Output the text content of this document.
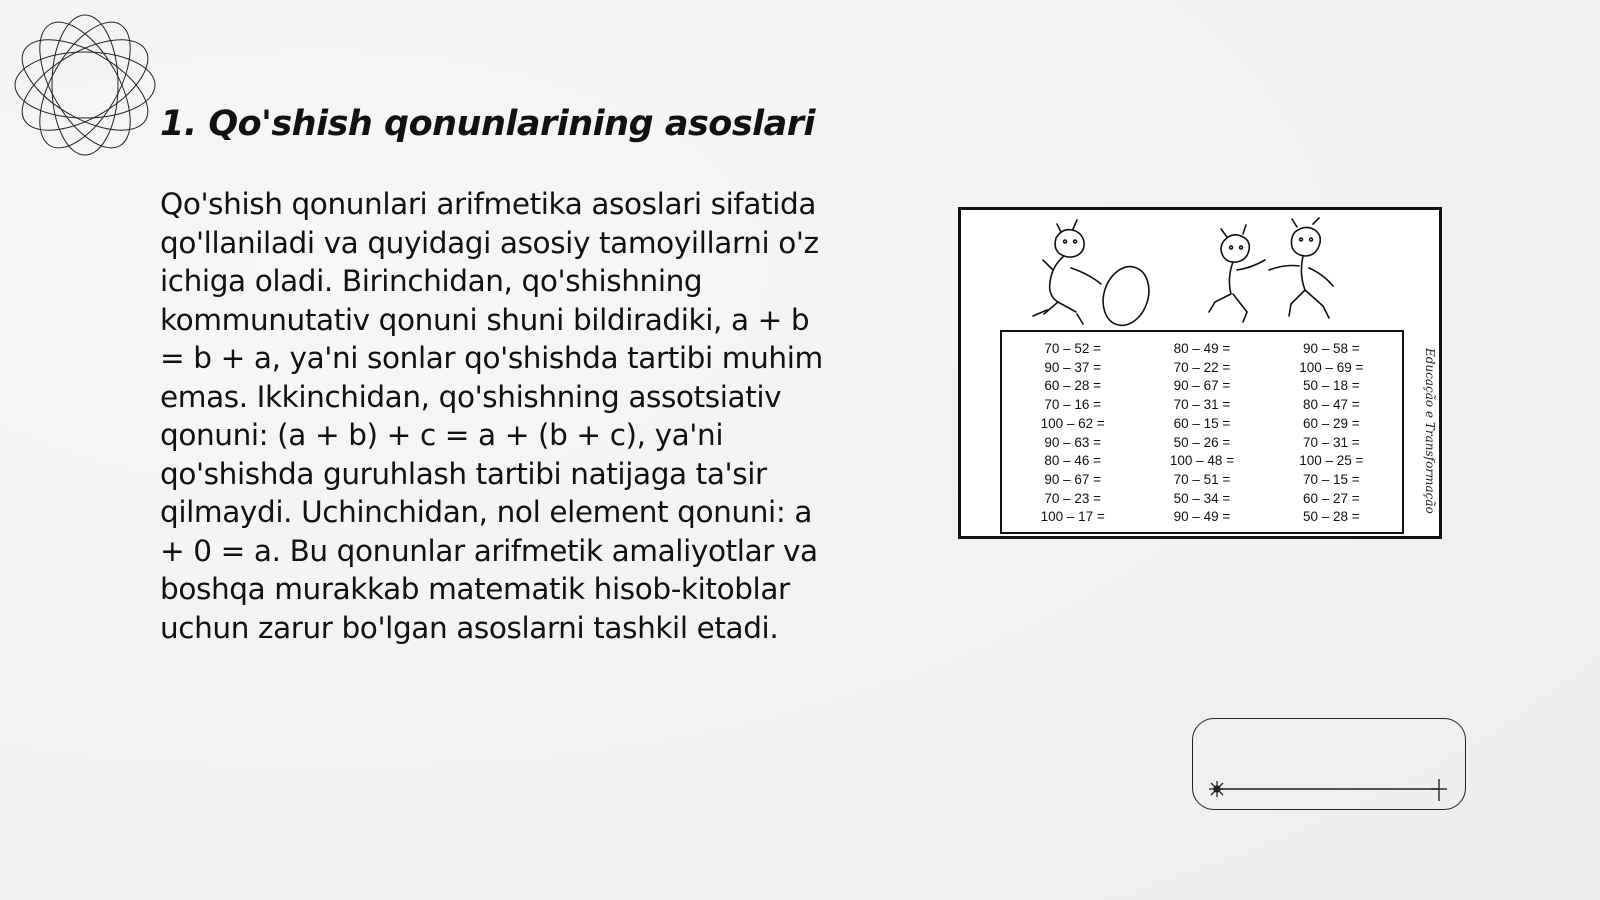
1. Qo'shish qonunlarining asoslari

Qo'shish qonunlari arifmetika asoslari sifatida qo'llaniladi va quyidagi asosiy tamoyillarni o'z ichiga oladi. Birinchidan, qo'shishning kommunutativ qonuni shuni bildiradiki, a + b = b + a, ya'ni sonlar qo'shishda tartibi muhim emas. Ikkinchidan, qo'shishning assotsiativ qonuni: (a + b) + c = a + (b + c), ya'ni qo'shishda guruhlash tartibi natijaga ta'sir qilmaydi. Uchinchidan, nol element qonuni: a + 0 = a. Bu qonunlar arifmetik amaliyotlar va boshqa murakkab matematik hisob-kitoblar uchun zarur bo'lgan asoslarni tashkil etadi.

70 – 52 =
90 – 37 =
60 – 28 =
70 – 16 =
100 – 62 =
90 – 63 =
80 – 46 =
90 – 67 =
70 – 23 =
100 – 17 =
80 – 49 =
70 – 22 =
90 – 67 =
70 – 31 =
60 – 15 =
50 – 26 =
100 – 48 =
70 – 51 =
50 – 34 =
90 – 49 =
90 – 58 =
100 – 69 =
50 – 18 =
80 – 47 =
60 – 29 =
70 – 31 =
100 – 25 =
70 – 15 =
60 – 27 =
50 – 28 =
Educação e Transformação
